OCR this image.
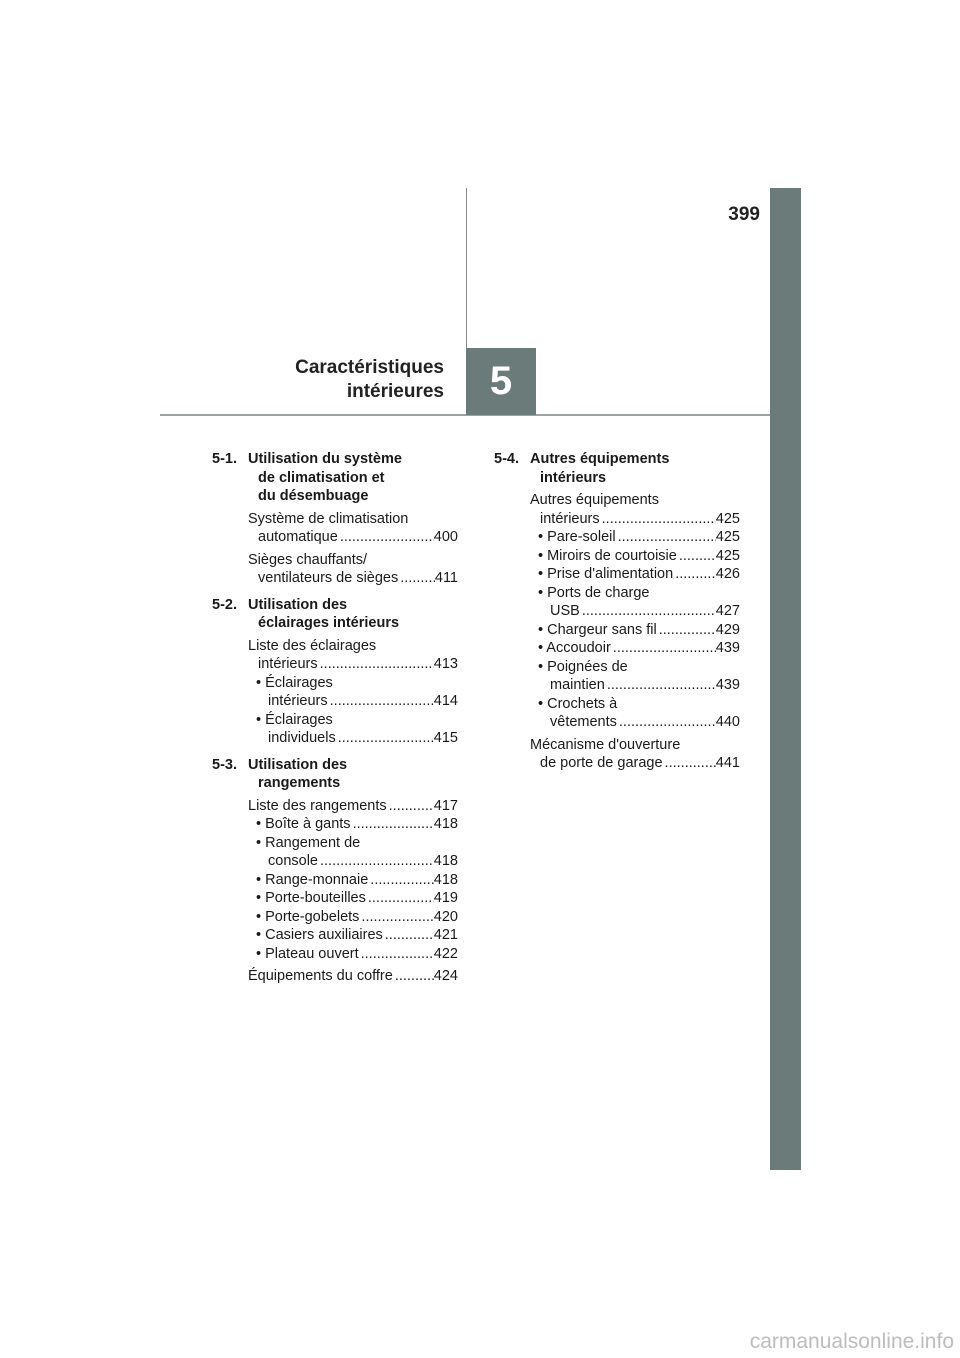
399
5
Caractéristiques
intérieures
5-1. Utilisation du système
de climatisation et
du désembuage
Système de climatisation
automatique .....	400
Sièges chauffants/
ventilateurs de sièges .....	411
5-2. Utilisation des
éclairages intérieurs
Liste des éclairages
intérieurs .....	413
• Éclairages
intérieurs .....	414
• Éclairages
individuels .....	415
5-3. Utilisation des
rangements
Liste des rangements .....	417
• Boîte à gants .....	418
• Rangement de
console .....	418
• Range-monnaie .....	418
• Porte-bouteilles .....	419
• Porte-gobelets .....	420
• Casiers auxiliaires .....	421
• Plateau ouvert .....	422
Équipements du coffre .....	424
5-4. Autres équipements
intérieurs
Autres équipements
intérieurs .....	425
• Pare-soleil .....	425
• Miroirs de courtoisie .....	425
• Prise d'alimentation .....	426
• Ports de charge
USB .....	427
• Chargeur sans fil .....	429
• Accoudoir .....	439
• Poignées de
maintien .....	439
• Crochets à
vêtements .....	440
Mécanisme d'ouverture
de porte de garage .....	441
carmanualsonline.info
